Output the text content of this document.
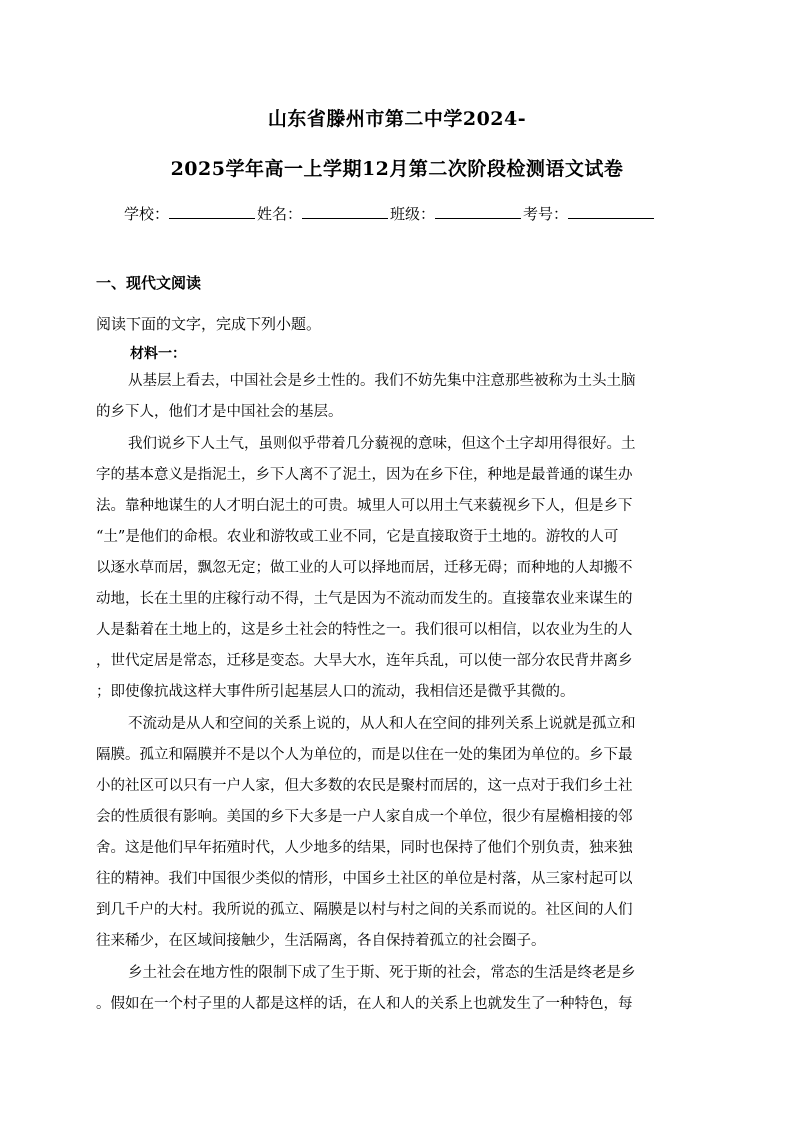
山东省滕州市第二中学2024-
2025学年高一上学期12月第二次阶段检测语文试卷
学校：	姓名：	班级：	考号：
一、现代文阅读
阅读下面的文字，完成下列小题。
材料一：
从基层上看去，中国社会是乡土性的。我们不妨先集中注意那些被称为土头土脑
的乡下人，他们才是中国社会的基层。
我们说乡下人土气，虽则似乎带着几分藐视的意味，但这个土字却用得很好。土
字的基本意义是指泥土，乡下人离不了泥土，因为在乡下住，种地是最普通的谋生办
法。靠种地谋生的人才明白泥土的可贵。城里人可以用土气来藐视乡下人，但是乡下
“土”是他们的命根。农业和游牧或工业不同，它是直接取资于土地的。游牧的人可
以逐水草而居，飘忽无定；做工业的人可以择地而居，迁移无碍；而种地的人却搬不
动地，长在土里的庄稼行动不得，土气是因为不流动而发生的。直接靠农业来谋生的
人是黏着在土地上的，这是乡土社会的特性之一。我们很可以相信，以农业为生的人
，世代定居是常态，迁移是变态。大旱大水，连年兵乱，可以使一部分农民背井离乡
；即使像抗战这样大事件所引起基层人口的流动，我相信还是微乎其微的。
不流动是从人和空间的关系上说的，从人和人在空间的排列关系上说就是孤立和
隔膜。孤立和隔膜并不是以个人为单位的，而是以住在一处的集团为单位的。乡下最
小的社区可以只有一户人家，但大多数的农民是聚村而居的，这一点对于我们乡土社
会的性质很有影响。美国的乡下大多是一户人家自成一个单位，很少有屋檐相接的邻
舍。这是他们早年拓殖时代，人少地多的结果，同时也保持了他们个别负责，独来独
往的精神。我们中国很少类似的情形，中国乡土社区的单位是村落，从三家村起可以
到几千户的大村。我所说的孤立、隔膜是以村与村之间的关系而说的。社区间的人们
往来稀少，在区域间接触少，生活隔离，各自保持着孤立的社会圈子。
乡土社会在地方性的限制下成了生于斯、死于斯的社会，常态的生活是终老是乡
。假如在一个村子里的人都是这样的话，在人和人的关系上也就发生了一种特色，每
